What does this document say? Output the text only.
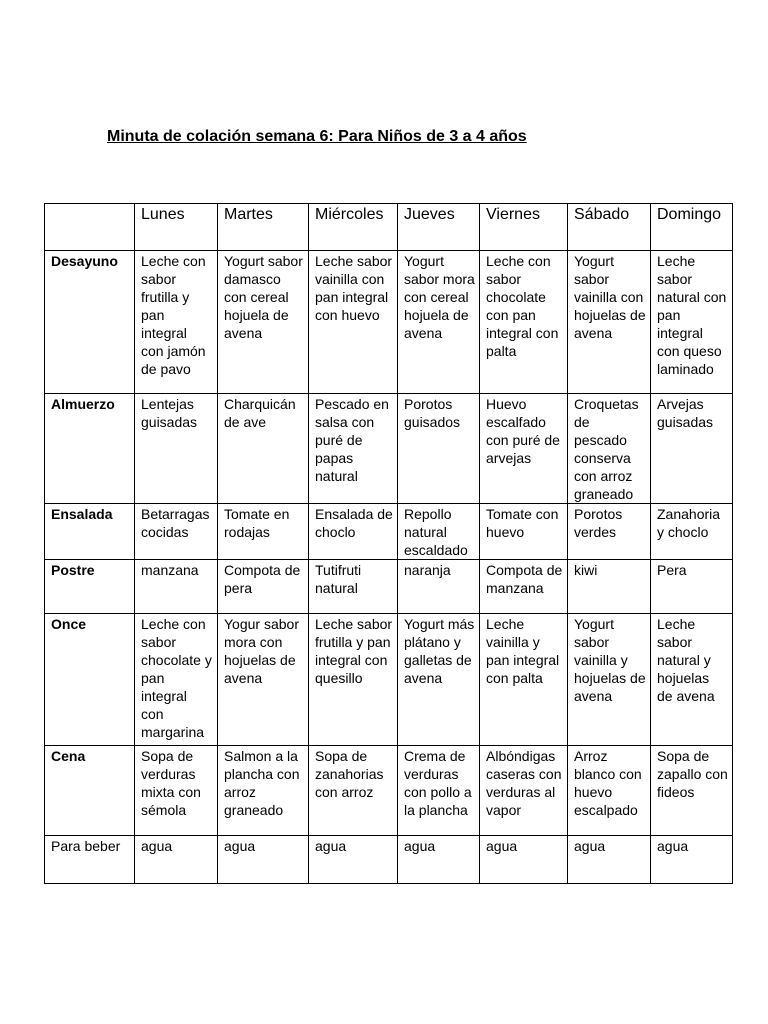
Minuta de colación semana 6: Para Niños de 3 a 4 años
	Lunes	Martes	Miércoles	Jueves	Viernes	Sábado	Domingo
Desayuno	Leche con sabor frutilla y pan integral con jamón de pavo	Yogurt sabor damasco con cereal hojuela de avena	Leche sabor vainilla con pan integral con huevo	Yogurt sabor mora con cereal hojuela de avena	Leche con sabor chocolate con pan integral con palta	Yogurt sabor vainilla con hojuelas de avena	Leche sabor natural con pan integral con queso laminado
Almuerzo	Lentejas guisadas	Charquicán de ave	Pescado en salsa con puré de papas natural	Porotos guisados	Huevo escalfado con puré de arvejas	Croquetas de pescado conserva con arroz graneado	Arvejas guisadas
Ensalada	Betarragas cocidas	Tomate en rodajas	Ensalada de choclo	Repollo natural escaldado	Tomate con huevo	Porotos verdes	Zanahoria y choclo
Postre	manzana	Compota de pera	Tutifruti natural	naranja	Compota de manzana	kiwi	Pera
Once	Leche con sabor chocolate y pan integral con margarina	Yogur sabor mora con hojuelas de avena	Leche sabor frutilla y pan integral con quesillo	Yogurt más plátano y galletas de avena	Leche vainilla y pan integral con palta	Yogurt sabor vainilla y hojuelas de avena	Leche sabor natural y hojuelas de avena
Cena	Sopa de verduras mixta con sémola	Salmon a la plancha con arroz graneado	Sopa de zanahorias con arroz	Crema de verduras con pollo a la plancha	Albóndigas caseras con verduras al vapor	Arroz blanco con huevo escalpado	Sopa de zapallo con fideos
Para beber	agua	agua	agua	agua	agua	agua	agua
